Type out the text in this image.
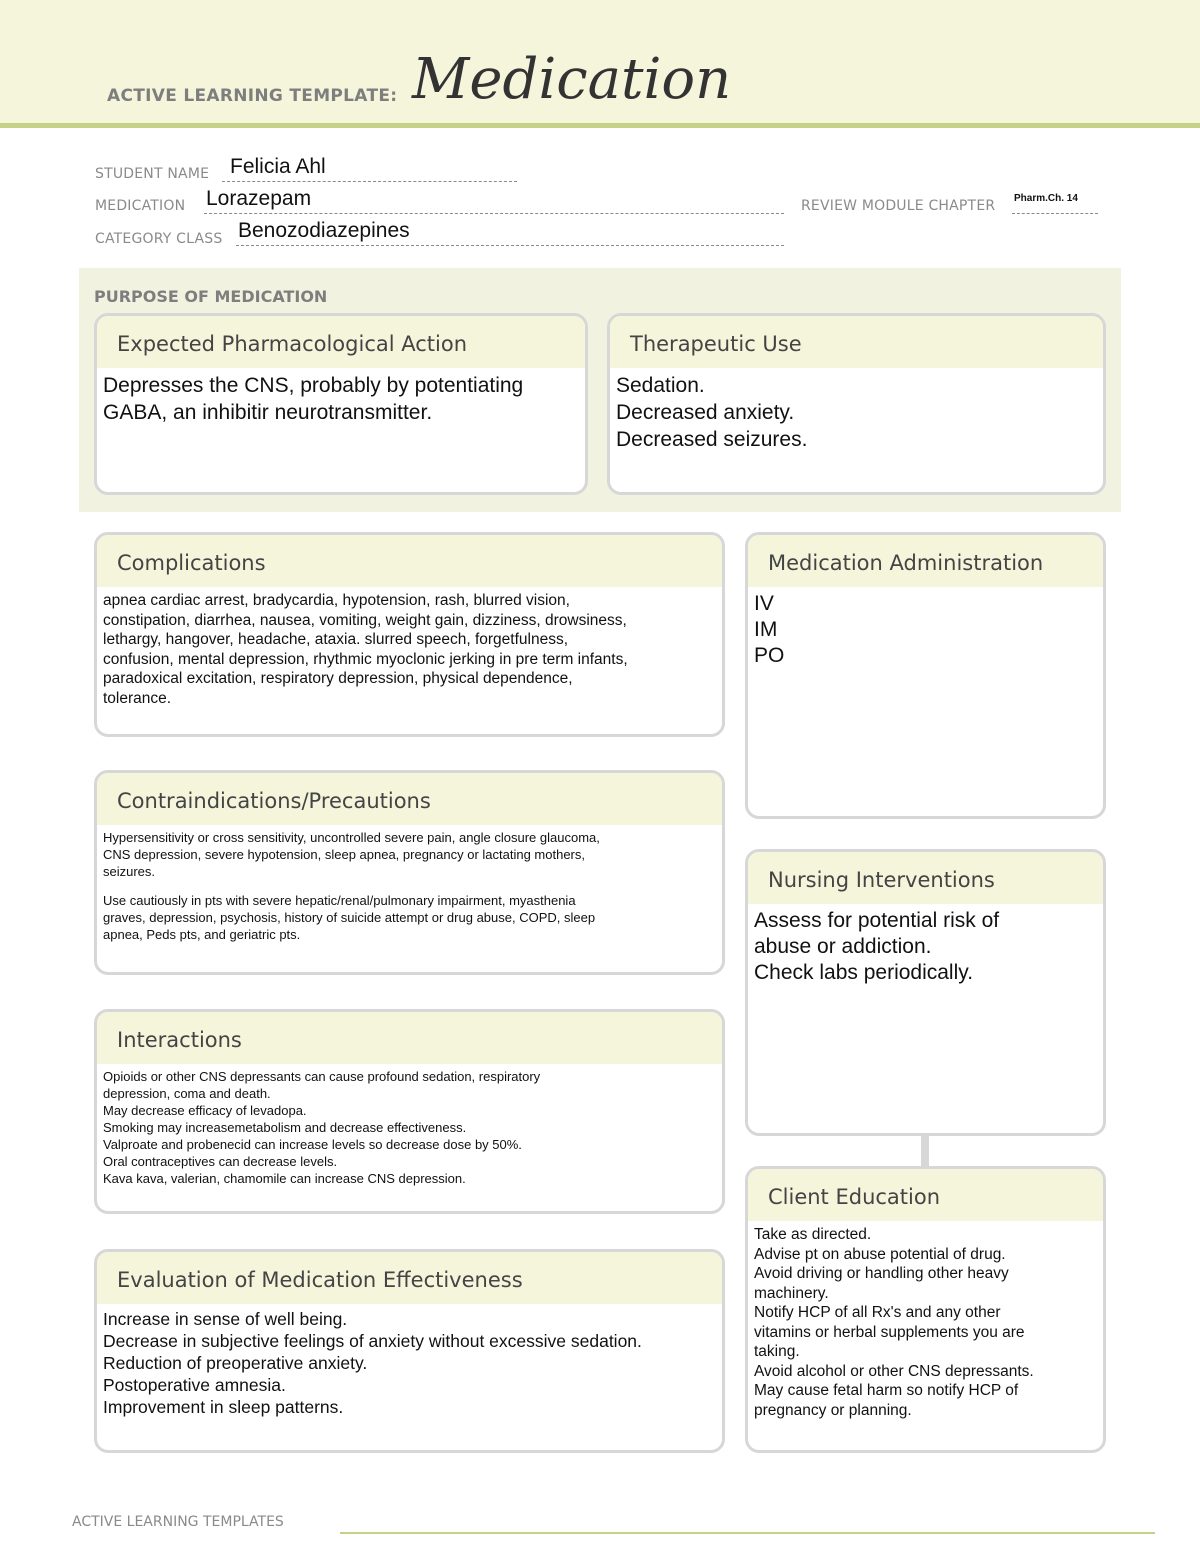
ACTIVE LEARNING TEMPLATE: Medication
STUDENT NAME Felicia Ahl
MEDICATION Lorazepam	REVIEW MODULE CHAPTER Pharm.Ch. 14
CATEGORY CLASS Benozodiazepines
PURPOSE OF MEDICATION
Expected Pharmacological Action
Depresses the CNS, probably by potentiating
GABA, an inhibitir neurotransmitter.
Therapeutic Use
Sedation.
Decreased anxiety.
Decreased seizures.
Complications
apnea cardiac arrest, bradycardia, hypotension, rash, blurred vision,
constipation, diarrhea, nausea, vomiting, weight gain, dizziness, drowsiness,
lethargy, hangover, headache, ataxia. slurred speech, forgetfulness,
confusion, mental depression, rhythmic myoclonic jerking in pre term infants,
paradoxical excitation, respiratory depression, physical dependence,
tolerance.
Medication Administration
IV
IM
PO
Contraindications/Precautions
Hypersensitivity or cross sensitivity, uncontrolled severe pain, angle closure glaucoma,
CNS depression, severe hypotension, sleep apnea, pregnancy or lactating mothers,
seizures.
Use cautiously in pts with severe hepatic/renal/pulmonary impairment, myasthenia
graves, depression, psychosis, history of suicide attempt or drug abuse, COPD, sleep
apnea, Peds pts, and geriatric pts.
Nursing Interventions
Assess for potential risk of
abuse or addiction.
Check labs periodically.
Interactions
Opioids or other CNS depressants can cause profound sedation, respiratory
depression, coma and death.
May decrease efficacy of levadopa.
Smoking may increasemetabolism and decrease effectiveness.
Valproate and probenecid can increase levels so decrease dose by 50%.
Oral contraceptives can decrease levels.
Kava kava, valerian, chamomile can increase CNS depression.
Client Education
Take as directed.
Advise pt on abuse potential of drug.
Avoid driving or handling other heavy
machinery.
Notify HCP of all Rx's and any other
vitamins or herbal supplements you are
taking.
Avoid alcohol or other CNS depressants.
May cause fetal harm so notify HCP of
pregnancy or planning.
Evaluation of Medication Effectiveness
Increase in sense of well being.
Decrease in subjective feelings of anxiety without excessive sedation.
Reduction of preoperative anxiety.
Postoperative amnesia.
Improvement in sleep patterns.
ACTIVE LEARNING TEMPLATES
